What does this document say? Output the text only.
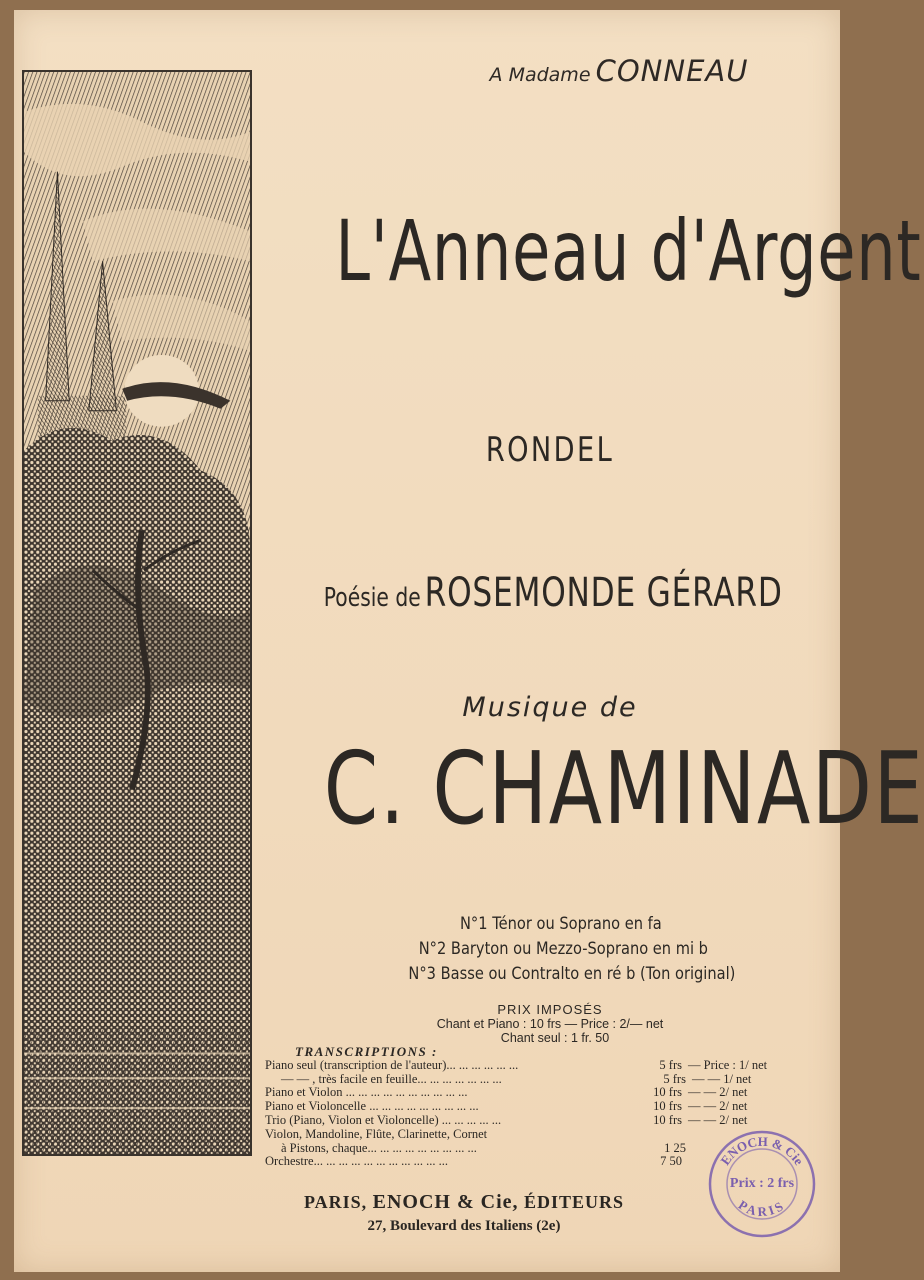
A Madame CONNEAU
L'Anneau d'Argent
RONDEL
Poésie de ROSEMONDE GÉRARD
Musique de
C. CHAMINADE
N°1 Ténor ou Soprano en fa
N°2 Baryton ou Mezzo-Soprano en mi b
N°3 Basse ou Contralto en ré b (Ton original)
PRIX IMPOSÉS
Chant et Piano : 10 frs — Price : 2/— net
Chant seul : 1 fr. 50
TRANSCRIPTIONS :
Piano seul (transcription de l'auteur)... ... ... ... ... ...	5 frs — Price : 1/ net
— — , très facile en feuille... ... ... ... ... ... ...	5 frs — — 1/ net
Piano et Violon ... ... ... ... ... ... ... ... ... ...	10 frs — — 2/ net
Piano et Violoncelle ... ... ... ... ... ... ... ... ...	10 frs — — 2/ net
Trio (Piano, Violon et Violoncelle) ... ... ... ... ...	10 frs — — 2/ net
Violon, Mandoline, Flûte, Clarinette, Cornet
à Pistons, chaque... ... ... ... ... ... ... ... ...	1 25
Orchestre... ... ... ... ... ... ... ... ... ... ...	7 50
PARIS, ENOCH & Cie, ÉDITEURS
27, Boulevard des Italiens (2e)
ENOCH & Cie
PARIS
Prix : 2 frs
